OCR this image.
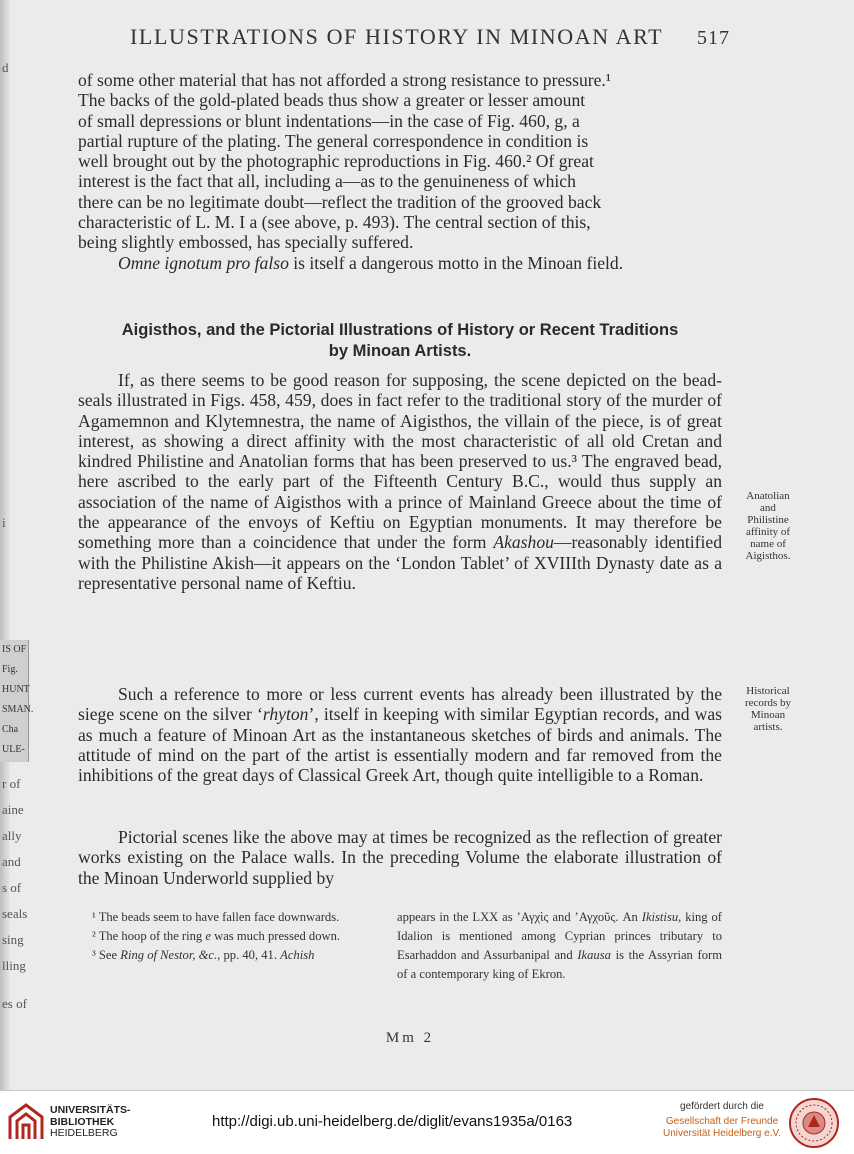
d
i
IS OF
Fig.
HUNT
SMAN.
Cha
ULE-
r of
aine
ally
and
s of
seals
sing
lling
es of
ILLUSTRATIONS OF HISTORY IN MINOAN ART 517
of some other material that has not afforded a strong resistance to pressure.¹
The backs of the gold-plated beads thus show a greater or lesser amount
of small depressions or blunt indentations—in the case of Fig. 460, g, a
partial rupture of the plating. The general correspondence in condition is
well brought out by the photographic reproductions in Fig. 460.² Of great
interest is the fact that all, including a—as to the genuineness of which
there can be no legitimate doubt—reflect the tradition of the grooved back
characteristic of L. M. I a (see above, p. 493). The central section of this,
being slightly embossed, has specially suffered.

Omne ignotum pro falso is itself a dangerous motto in the Minoan field.

Aigisthos, and the Pictorial Illustrations of History or Recent Traditions
by Minoan Artists.

If, as there seems to be good reason for supposing, the scene depicted on the bead-seals illustrated in Figs. 458, 459, does in fact refer to the traditional story of the murder of Agamemnon and Klytemnestra, the name of Aigisthos, the villain of the piece, is of great interest, as showing a direct affinity with the most characteristic of all old Cretan and kindred Philistine and Anatolian forms that has been preserved to us.³ The engraved bead, here ascribed to the early part of the Fifteenth Century B.C., would thus supply an association of the name of Aigisthos with a prince of Mainland Greece about the time of the appearance of the envoys of Keftiu on Egyptian monuments. It may therefore be something more than a coincidence that under the form Akashou—reasonably identified with the Philistine Akish—it appears on the ‘London Tablet’ of XVIIIth Dynasty date as a representative personal name of Keftiu.

Such a reference to more or less current events has already been illustrated by the siege scene on the silver ‘rhyton’, itself in keeping with similar Egyptian records, and was as much a feature of Minoan Art as the instantaneous sketches of birds and animals. The attitude of mind on the part of the artist is essentially modern and far removed from the inhibitions of the great days of Classical Greek Art, though quite intelligible to a Roman.

Pictorial scenes like the above may at times be recognized as the reflection of greater works existing on the Palace walls. In the preceding Volume the elaborate illustration of the Minoan Underworld supplied by

Anatolian
and
Philistine
affinity of
name of
Aigisthos.
Historical
records by
Minoan
artists.

¹ The beads seem to have fallen face downwards.

² The hoop of the ring e was much pressed down.

³ See Ring of Nestor, &c., pp. 40, 41. Achish

appears in the LXX as ’Αγχὶς and ’Αγχοῦς. An Ikistisu, king of Idalion is mentioned among Cyprian princes tributary to Esarhaddon and Assurbanipal and Ikausa is the Assyrian form of a contemporary king of Ekron.

Mm 2
UNIVERSITÄTS-
BIBLIOTHEK
HEIDELBERG
http://digi.ub.uni-heidelberg.de/diglit/evans1935a/0163
gefördert durch die
Gesellschaft der Freunde
Universität Heidelberg e.V.
